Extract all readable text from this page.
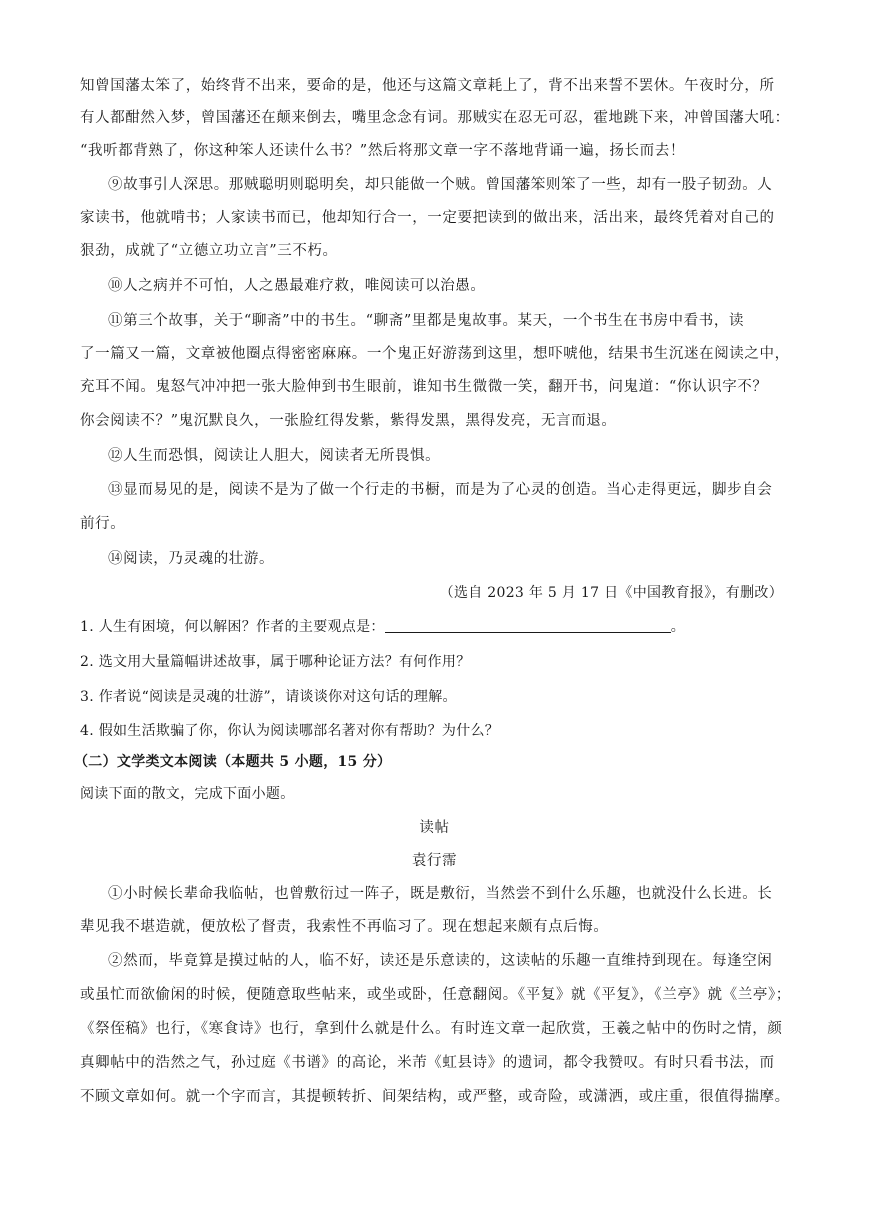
知曾国藩太笨了，始终背不出来，要命的是，他还与这篇文章耗上了，背不出来誓不罢休。午夜时分，所
有人都酣然入梦，曾国藩还在颠来倒去，嘴里念念有词。那贼实在忍无可忍，霍地跳下来，冲曾国藩大吼：
“我听都背熟了，你这种笨人还读什么书？”然后将那文章一字不落地背诵一遍，扬长而去！
⑨故事引人深思。那贼聪明则聪明矣，却只能做一个贼。曾国藩笨则笨了一些，却有一股子韧劲。人
家读书，他就啃书；人家读书而已，他却知行合一，一定要把读到的做出来，活出来，最终凭着对自己的
狠劲，成就了“立德立功立言”三不朽。
⑩人之病并不可怕，人之愚最难疗救，唯阅读可以治愚。
⑪第三个故事，关于“聊斋”中的书生。“聊斋”里都是鬼故事。某天，一个书生在书房中看书，读
了一篇又一篇，文章被他圈点得密密麻麻。一个鬼正好游荡到这里，想吓唬他，结果书生沉迷在阅读之中，
充耳不闻。鬼怒气冲冲把一张大脸伸到书生眼前，谁知书生微微一笑，翻开书，问鬼道：“你认识字不？
你会阅读不？”鬼沉默良久，一张脸红得发紫，紫得发黑，黑得发亮，无言而退。
⑫人生而恐惧，阅读让人胆大，阅读者无所畏惧。
⑬显而易见的是，阅读不是为了做一个行走的书橱，而是为了心灵的创造。当心走得更远，脚步自会
前行。
⑭阅读，乃灵魂的壮游。
（选自 2023 年 5 月 17 日《中国教育报》，有删改）
1. 人生有困境，何以解困？作者的主要观点是：	。
2. 选文用大量篇幅讲述故事，属于哪种论证方法？有何作用？
3. 作者说“阅读是灵魂的壮游”，请谈谈你对这句话的理解。
4. 假如生活欺骗了你，你认为阅读哪部名著对你有帮助？为什么？
（二）文学类文本阅读（本题共 5 小题，15 分）
阅读下面的散文，完成下面小题。
读帖
袁行霈
①小时候长辈命我临帖，也曾敷衍过一阵子，既是敷衍，当然尝不到什么乐趣，也就没什么长进。长
辈见我不堪造就，便放松了督责，我索性不再临习了。现在想起来颇有点后悔。
②然而，毕竟算是摸过帖的人，临不好，读还是乐意读的，这读帖的乐趣一直维持到现在。每逢空闲
或虽忙而欲偷闲的时候，便随意取些帖来，或坐或卧，任意翻阅。《平复》就《平复》，《兰亭》就《兰亭》；
《祭侄稿》也行，《寒食诗》也行，拿到什么就是什么。有时连文章一起欣赏，王羲之帖中的伤时之情，颜
真卿帖中的浩然之气，孙过庭《书谱》的高论，米芾《虹县诗》的遗词，都令我赞叹。有时只看书法，而
不顾文章如何。就一个字而言，其提顿转折、间架结构，或严整，或奇险，或潇洒，或庄重，很值得揣摩。
